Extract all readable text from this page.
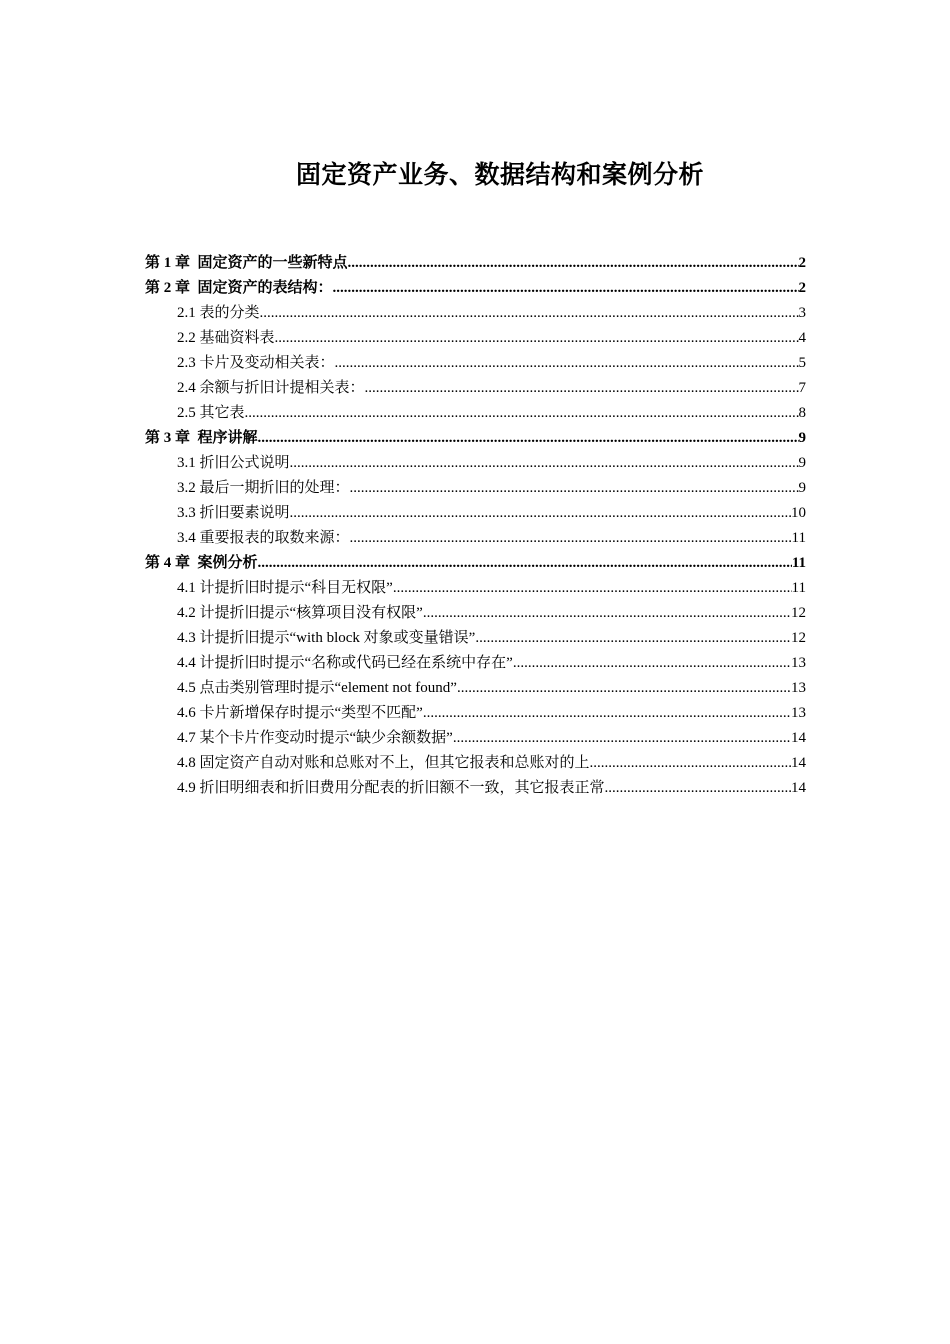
固定资产业务、数据结构和案例分析
第 1 章  固定资产的一些新特点 .....	2
第 2 章  固定资产的表结构： .....	2
2.1 表的分类 .....	3
2.2 基础资料表 .....	4
2.3 卡片及变动相关表： .....	5
2.4 余额与折旧计提相关表： .....	7
2.5 其它表 .....	8
第 3 章  程序讲解 .....	9
3.1 折旧公式说明 .....	9
3.2 最后一期折旧的处理： .....	9
3.3 折旧要素说明 .....	10
3.4 重要报表的取数来源： .....	11
第 4 章  案例分析 .....	11
4.1 计提折旧时提示“科目无权限” .....	11
4.2 计提折旧提示“核算项目没有权限” .....	12
4.3 计提折旧提示“with block 对象或变量错误” .....	12
4.4 计提折旧时提示“名称或代码已经在系统中存在” .....	13
4.5 点击类别管理时提示“element not found” .....	13
4.6 卡片新增保存时提示“类型不匹配” .....	13
4.7 某个卡片作变动时提示“缺少余额数据” .....	14
4.8 固定资产自动对账和总账对不上，但其它报表和总账对的上 .....	14
4.9 折旧明细表和折旧费用分配表的折旧额不一致，其它报表正常 .....	14
